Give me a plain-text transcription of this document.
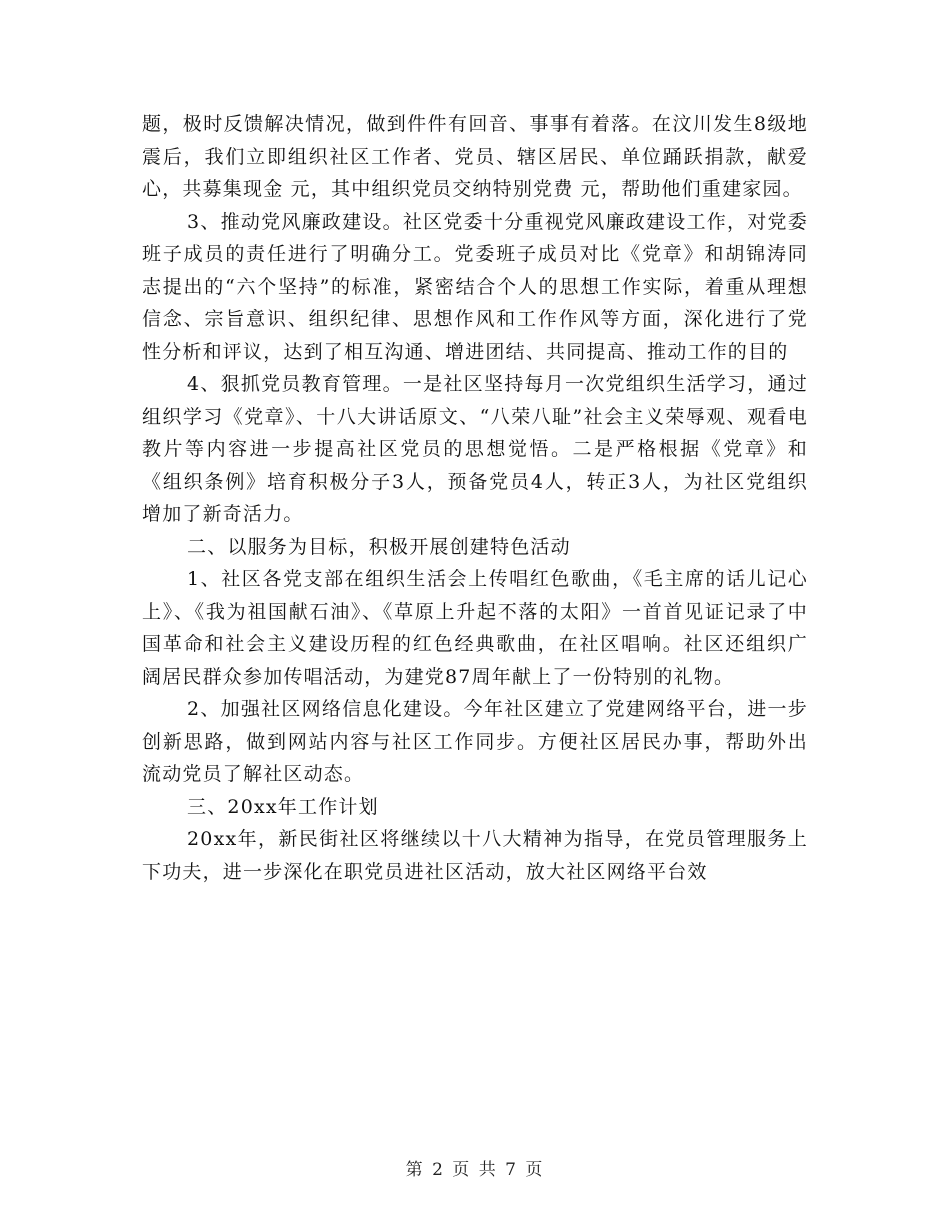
题，极时反馈解决情况，做到件件有回音、事事有着落。在汶川发生8级地震后，我们立即组织社区工作者、党员、辖区居民、单位踊跃捐款，献爱心，共募集现金 元，其中组织党员交纳特别党费 元，帮助他们重建家园。

3、推动党风廉政建设。社区党委十分重视党风廉政建设工作，对党委班子成员的责任进行了明确分工。党委班子成员对比《党章》和胡锦涛同志提出的“六个坚持”的标准，紧密结合个人的思想工作实际，着重从理想信念、宗旨意识、组织纪律、思想作风和工作作风等方面，深化进行了党性分析和评议，达到了相互沟通、增进团结、共同提高、推动工作的目的

4、狠抓党员教育管理。一是社区坚持每月一次党组织生活学习，通过组织学习《党章》、十八大讲话原文、“八荣八耻”社会主义荣辱观、观看电教片等内容进一步提高社区党员的思想觉悟。二是严格根据《党章》和《组织条例》培育积极分子3人，预备党员4人，转正3人，为社区党组织增加了新奇活力。

二、以服务为目标，积极开展创建特色活动

1、社区各党支部在组织生活会上传唱红色歌曲，《毛主席的话儿记心上》、《我为祖国献石油》、《草原上升起不落的太阳》一首首见证记录了中国革命和社会主义建设历程的红色经典歌曲，在社区唱响。社区还组织广阔居民群众参加传唱活动，为建党87周年献上了一份特别的礼物。

2、加强社区网络信息化建设。今年社区建立了党建网络平台，进一步创新思路，做到网站内容与社区工作同步。方便社区居民办事，帮助外出流动党员了解社区动态。

三、20xx年工作计划

20xx年，新民街社区将继续以十八大精神为指导，在党员管理服务上下功夫，进一步深化在职党员进社区活动，放大社区网络平台效

第 2 页 共 7 页
